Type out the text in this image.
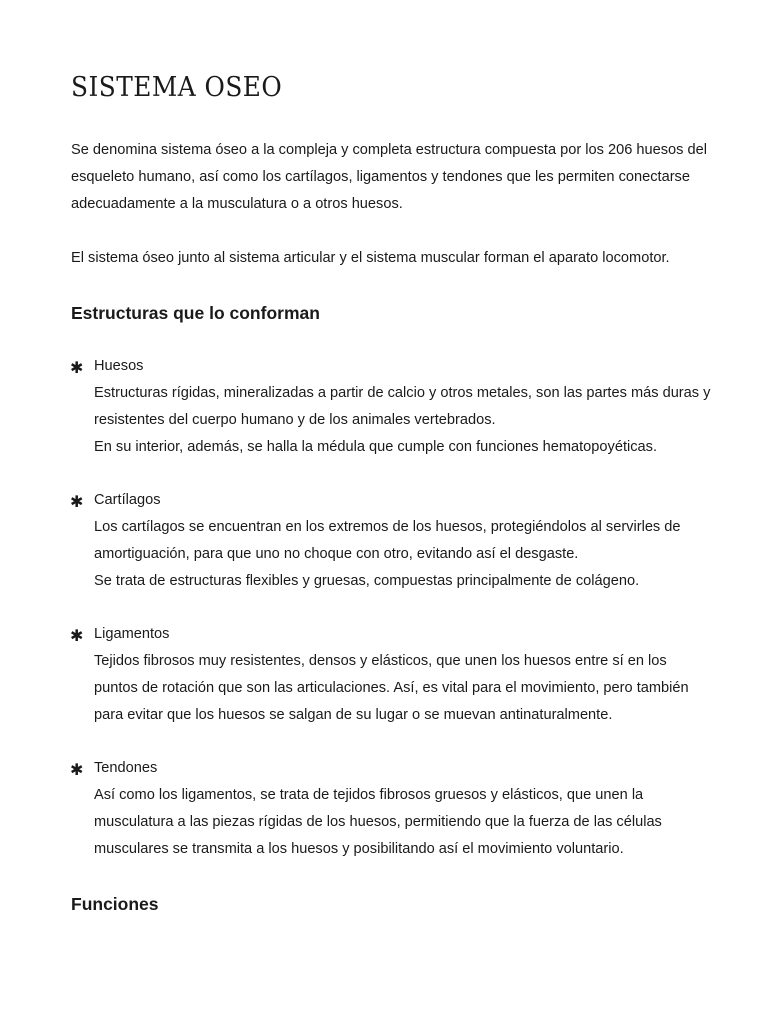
SISTEMA OSEO

Se denomina sistema óseo a la compleja y completa estructura compuesta por los 206 huesos del esqueleto humano, así como los cartílagos, ligamentos y tendones que les permiten conectarse adecuadamente a la musculatura o a otros huesos.

El sistema óseo junto al sistema articular y el sistema muscular forman el aparato locomotor.

Estructuras que lo conforman
✱ Huesos
Estructuras rígidas, mineralizadas a partir de calcio y otros metales, son las partes más duras y resistentes del cuerpo humano y de los animales vertebrados.
En su interior, además, se halla la médula que cumple con funciones hematopoyéticas.
✱ Cartílagos
Los cartílagos se encuentran en los extremos de los huesos, protegiéndolos al servirles de amortiguación, para que uno no choque con otro, evitando así el desgaste.
Se trata de estructuras flexibles y gruesas, compuestas principalmente de colágeno.
✱ Ligamentos
Tejidos fibrosos muy resistentes, densos y elásticos, que unen los huesos entre sí en los puntos de rotación que son las articulaciones. Así, es vital para el movimiento, pero también para evitar que los huesos se salgan de su lugar o se muevan antinaturalmente.
✱ Tendones
Así como los ligamentos, se trata de tejidos fibrosos gruesos y elásticos, que unen la musculatura a las piezas rígidas de los huesos, permitiendo que la fuerza de las células musculares se transmita a los huesos y posibilitando así el movimiento voluntario.
Funciones
